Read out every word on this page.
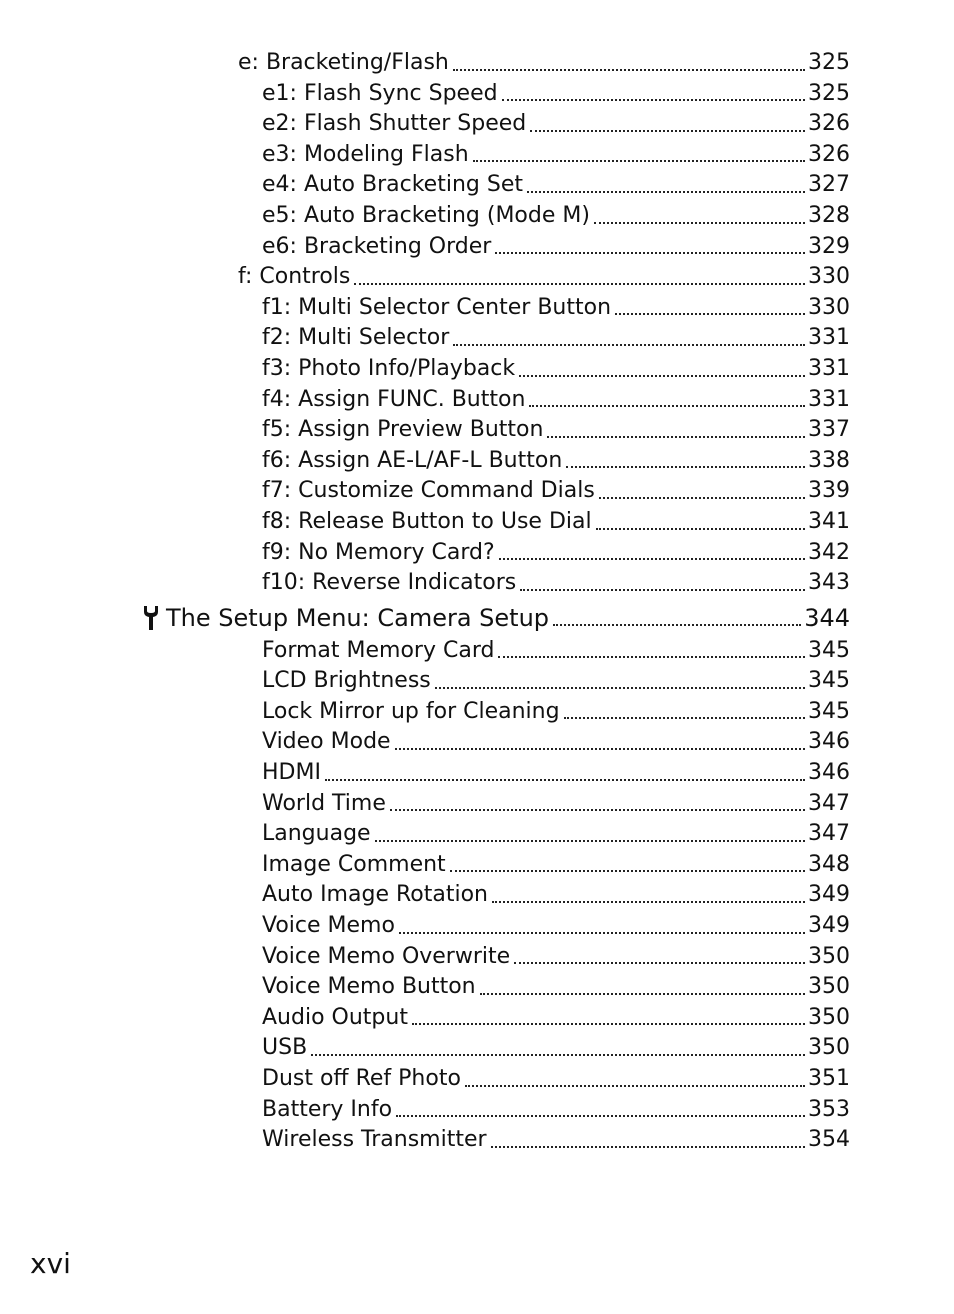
e: Bracketing/Flash	325
e1: Flash Sync Speed	325
e2: Flash Shutter Speed	326
e3: Modeling Flash	326
e4: Auto Bracketing Set	327
e5: Auto Bracketing (Mode M)	328
e6: Bracketing Order	329
f: Controls	330
f1: Multi Selector Center Button	330
f2: Multi Selector	331
f3: Photo Info/Playback	331
f4: Assign FUNC. Button	331
f5: Assign Preview Button	337
f6: Assign AE-L/AF-L Button	338
f7: Customize Command Dials	339
f8: Release Button to Use Dial	341
f9: No Memory Card?	342
f10: Reverse Indicators	343
The Setup Menu: Camera Setup	344
Format Memory Card	345
LCD Brightness	345
Lock Mirror up for Cleaning	345
Video Mode	346
HDMI	346
World Time	347
Language	347
Image Comment	348
Auto Image Rotation	349
Voice Memo	349
Voice Memo Overwrite	350
Voice Memo Button	350
Audio Output	350
USB	350
Dust off Ref Photo	351
Battery Info	353
Wireless Transmitter	354
xvi
